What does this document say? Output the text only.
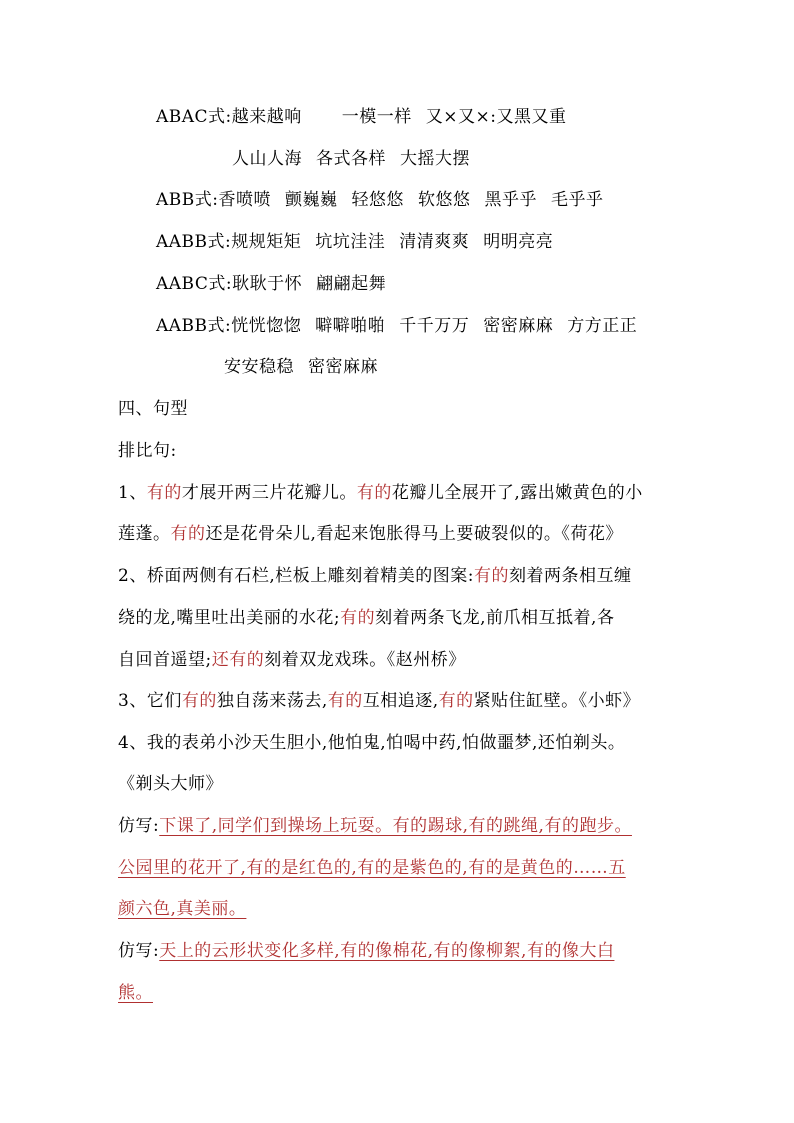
ABAC式:越来越响 一模一样 又×又×:又黑又重
人山人海 各式各样 大摇大摆
ABB式:香喷喷 颤巍巍 轻悠悠 软悠悠 黑乎乎 毛乎乎
AABB式:规规矩矩 坑坑洼洼 清清爽爽 明明亮亮
AABC式:耿耿于怀 翩翩起舞
AABB式:恍恍惚惚 噼噼啪啪 千千万万 密密麻麻 方方正正
安安稳稳 密密麻麻
四、句型
排比句:
1、有的才展开两三片花瓣儿。有的花瓣儿全展开了,露出嫩黄色的小
莲蓬。有的还是花骨朵儿,看起来饱胀得马上要破裂似的。《荷花》
2、桥面两侧有石栏,栏板上雕刻着精美的图案:有的刻着两条相互缠
绕的龙,嘴里吐出美丽的水花;有的刻着两条飞龙,前爪相互抵着,各
自回首遥望;还有的刻着双龙戏珠。《赵州桥》
3、它们有的独自荡来荡去,有的互相追逐,有的紧贴住缸壁。《小虾》
4、我的表弟小沙天生胆小,他怕鬼,怕喝中药,怕做噩梦,还怕剃头。
《剃头大师》
仿写:下课了,同学们到操场上玩耍。有的踢球,有的跳绳,有的跑步。
公园里的花开了,有的是红色的,有的是紫色的,有的是黄色的……五
颜六色,真美丽。
仿写:天上的云形状变化多样,有的像棉花,有的像柳絮,有的像大白
熊。
